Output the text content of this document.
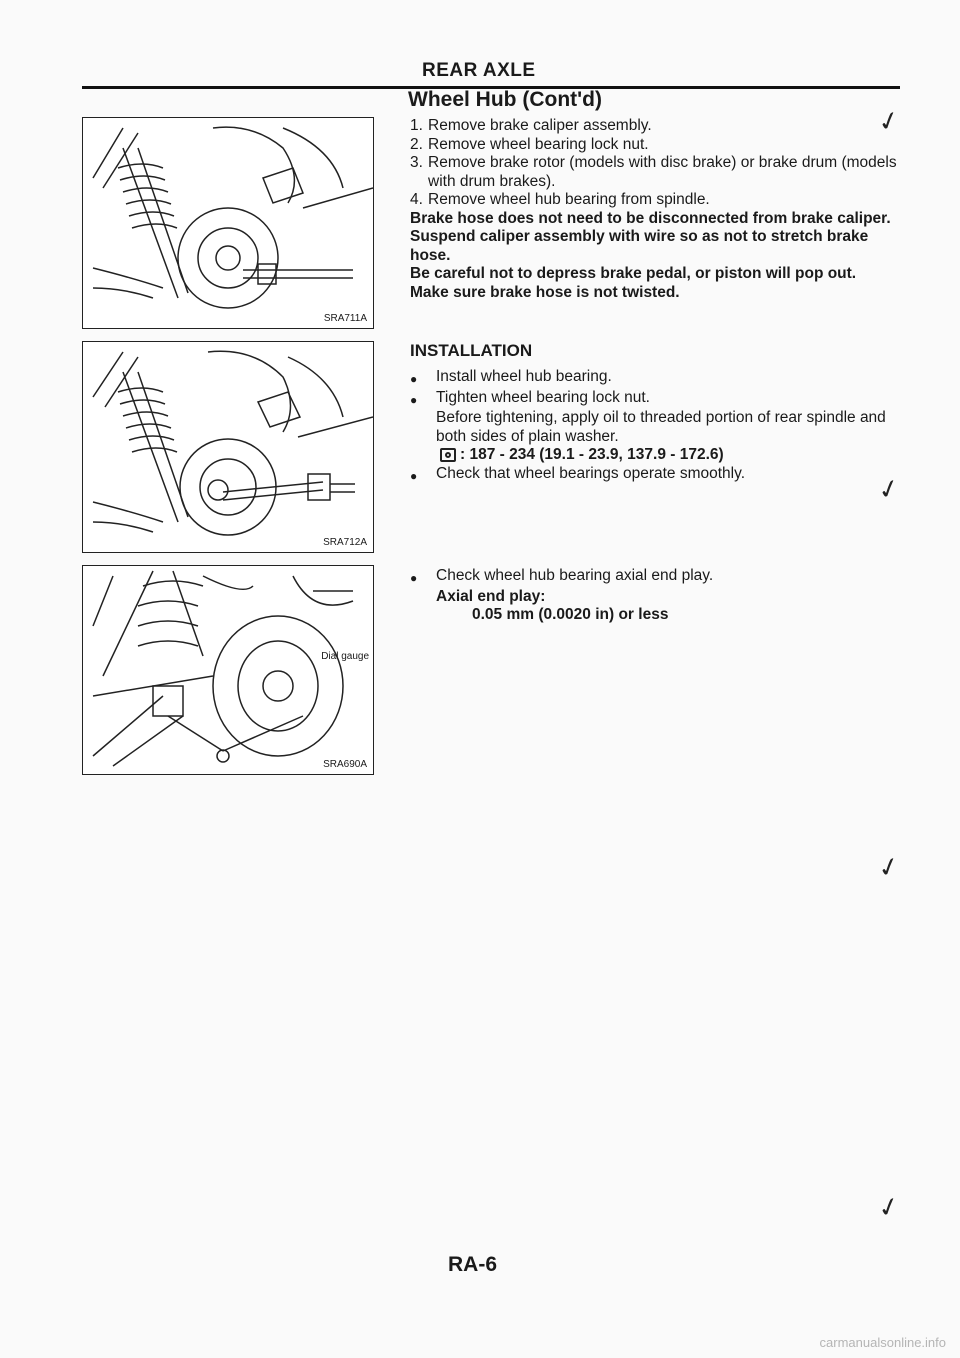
REAR AXLE
Wheel Hub (Cont'd)
SRA711A
SRA712A
Dial gauge
SRA690A
1. Remove brake caliper assembly.
2. Remove wheel bearing lock nut.
3. Remove brake rotor (models with disc brake) or brake drum (models with drum brakes).
4. Remove wheel hub bearing from spindle.
Brake hose does not need to be disconnected from brake caliper.
Suspend caliper assembly with wire so as not to stretch brake hose.
Be careful not to depress brake pedal, or piston will pop out.
Make sure brake hose is not twisted.
INSTALLATION
●	Install wheel hub bearing.
●	Tighten wheel bearing lock nut.
Before tightening, apply oil to threaded portion of rear spindle and both sides of plain washer.
: 187 - 234 (19.1 - 23.9, 137.9 - 172.6)
●	Check that wheel bearings operate smoothly.
●	Check wheel hub bearing axial end play.
Axial end play:
0.05 mm (0.0020 in) or less
✓
✓
✓
✓
RA-6
carmanualsonline.info
